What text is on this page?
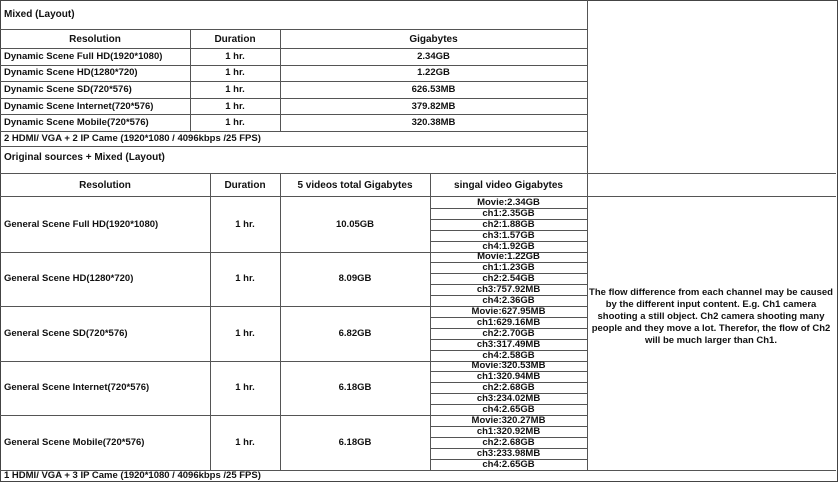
Mixed (Layout)
Resolution	Duration	Gigabytes
Dynamic Scene Full HD(1920*1080)	1 hr.	2.34GB
Dynamic Scene HD(1280*720)	1 hr.	1.22GB
Dynamic Scene SD(720*576)	1 hr.	626.53MB
Dynamic Scene Internet(720*576)	1 hr.	379.82MB
Dynamic Scene Mobile(720*576)	1 hr.	320.38MB
2 HDMI/ VGA + 2 IP Came (1920*1080 / 4096kbps /25 FPS)
Original sources + Mixed (Layout)
Resolution	Duration	5 videos total Gigabytes	singal video Gigabytes
General Scene Full HD(1920*1080)	1 hr.	10.05GB
Movie:2.34GB
ch1:2.35GB
ch2:1.88GB
ch3:1.57GB
ch4:1.92GB
General Scene HD(1280*720)	1 hr.	8.09GB
Movie:1.22GB
ch1:1.23GB
ch2:2.54GB
ch3:757.92MB
ch4:2.36GB
General Scene SD(720*576)	1 hr.	6.82GB
Movie:627.95MB
ch1:629.16MB
ch2:2.70GB
ch3:317.49MB
ch4:2.58GB
General Scene Internet(720*576)	1 hr.	6.18GB
Movie:320.53MB
ch1:320.94MB
ch2:2.68GB
ch3:234.02MB
ch4:2.65GB
General Scene Mobile(720*576)	1 hr.	6.18GB
Movie:320.27MB
ch1:320.92MB
ch2:2.68GB
ch3:233.98MB
ch4:2.65GB
1 HDMI/ VGA + 3 IP Came (1920*1080 / 4096kbps /25 FPS)
The flow difference from each channel may be caused by the different input content. E.g. Ch1 camera shooting a still object. Ch2 camera shooting many people and they move a lot. Therefor, the flow of Ch2 will be much larger than Ch1.
